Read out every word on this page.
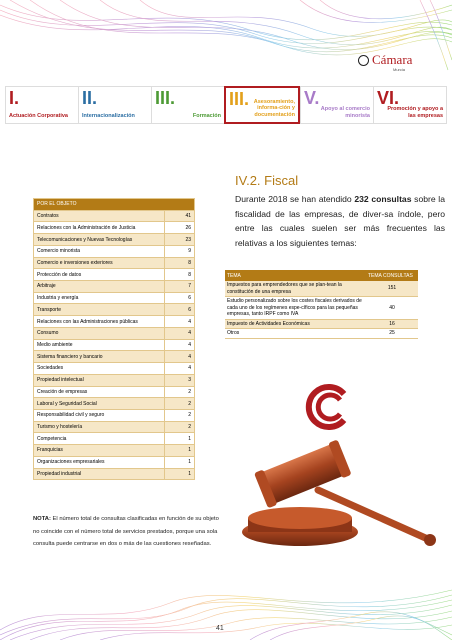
Cámara
Murcia
I.
Actuación Corporativa
II.
Internacionalización
III.
Formación
III. Asesoramiento, informa-ción y documentación
V.
Apoyo al comercio minorista
VI.
Promoción y apoyo a las empresas
IV.2. Fiscal

Durante 2018 se han atendido 232 consultas sobre la fiscalidad de las empresas, de diver-sa índole, pero entre las cuales suelen ser más frecuentes las relativas a los siguientes temas:

POR EL OBJETO	
Contratos	41
Relaciones con la Administración de Justicia	26
Telecomunicaciones y Nuevas Tecnologías	23
Comercio minorista	9
Comercio e inversiones exteriores	8
Protección de datos	8
Arbitraje	7
Industria y energía	6
Transporte	6
Relaciones con las Administraciones públicas	4
Consumo	4
Medio ambiente	4
Sistema financiero y bancario	4
Sociedades	4
Propiedad intelectual	3
Creación de empresas	2
Laboral y Seguridad Social	2
Responsabilidad civil y seguro	2
Turismo y hostelería	2
Competencia	1
Franquicias	1
Organizaciones empresariales	1
Propiedad industrial	1

NOTA: El número total de consultas clasificadas en función de su objeto no coincide con el número total de servicios prestados, porque una sola consulta puede centrarse en dos o más de las cuestiones reseñadas.

TEMA	TEMA CONSULTAS
Impuestos para emprendedores que se plan-tean la constitución de una empresa	151
Estudio personalizado sobre los costes fiscales derivados de cada uno de los regímenes espe-cíficos para las pequeñas empresas, tanto IRPF como IVA	40
Impuesto de Actividades Económicas	16
Otros	25
41
